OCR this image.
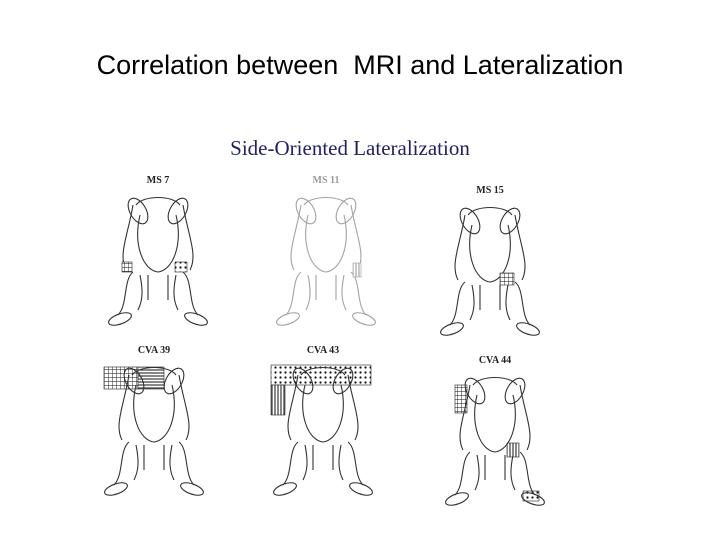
Correlation between  MRI and Lateralization
Side-Oriented Lateralization
MS 7	MS 11
MS 15
CVA 39	CVA 43
CVA 44
